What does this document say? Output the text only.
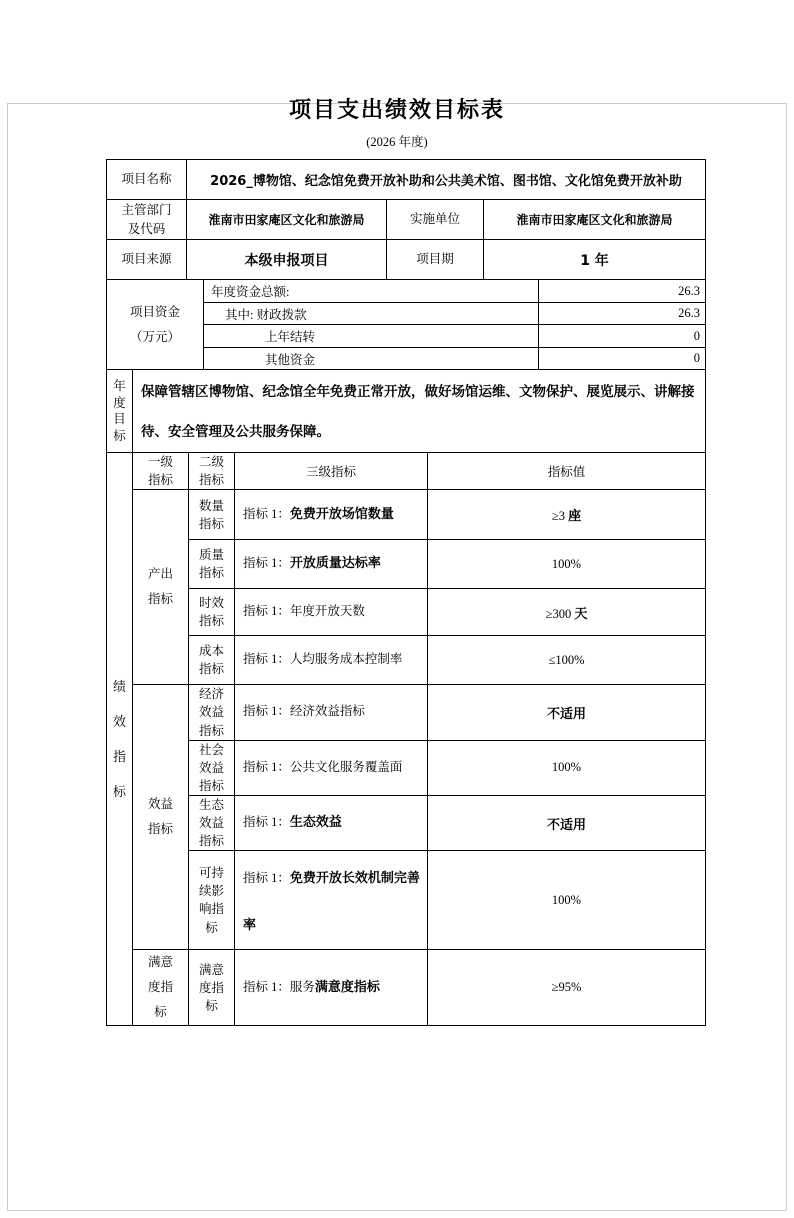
项目支出绩效目标表
(2026 年度)
项目名称	2026_博物馆、纪念馆免费开放补助和公共美术馆、图书馆、文化馆免费开放补助		
主管部门及代码	淮南市田家庵区文化和旅游局	实施单位	淮南市田家庵区文化和旅游局
项目来源	本级申报项目	项目期	1 年
项目资金
（万元）	年度资金总额:	26.3
	其中: 财政拨款	26.3
	上年结转	0
	其他资金	0
年度目标	保障管辖区博物馆、纪念馆全年免费正常开放，做好场馆运维、文物保护、展览展示、讲解接待、安全管理及公共服务保障。
绩效指标	一级指标	二级指标	三级指标	指标值
	产出指标	数量指标	指标 1：免费开放场馆数量	≥3 座
		质量指标	指标 1：开放质量达标率	100%
		时效指标	指标 1：年度开放天数	≥300 天
		成本指标	指标 1：人均服务成本控制率	≤100%
	效益指标	经济效益指标	指标 1：经济效益指标	不适用
		社会效益指标	指标 1：公共文化服务覆盖面	100%
		生态效益指标	指标 1：生态效益	不适用
		可持续影响指标	指标 1：免费开放长效机制完善率	100%
	满意度指标	满意度指标	指标 1：服务满意度指标	≥95%
